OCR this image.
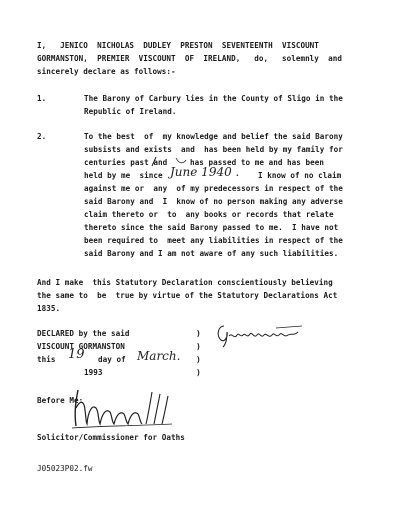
I,   JENICO  NICHOLAS  DUDLEY  PRESTON  SEVENTEENTH  VISCOUNT
GORMANSTON,  PREMIER  VISCOUNT  OF  IRELAND,   do,   solemnly  and
sincerely declare as follows:-
1.	The Barony of Carbury lies in the County of Sligo in the
Republic of Ireland.
2.	To the best  of  my knowledge and belief the said Barony
subsists and exists  and  has been held by my family for
centuries past and has passed to me and has been
held by me  since June 1940 . I know of no claim
against me or  any  of my predecessors in respect of the
said Barony and  I  know of no person making any adverse
claim thereto or  to  any books or records that relate
thereto since the said Barony passed to me.  I have not
been required to  meet any liabilities in respect of the
said Barony and I am not aware of any such liabilities.
And I make  this Statutory Declaration conscientiously believing
the same to  be  true by virtue of the Statutory Declarations Act
1835.
DECLARED by the said
VISCOUNT GORMANSTON
this 19 day of March.
1993
)
)
)
)
Before Me:
Solicitor/Commissioner for Oaths
J05023P02.fw
